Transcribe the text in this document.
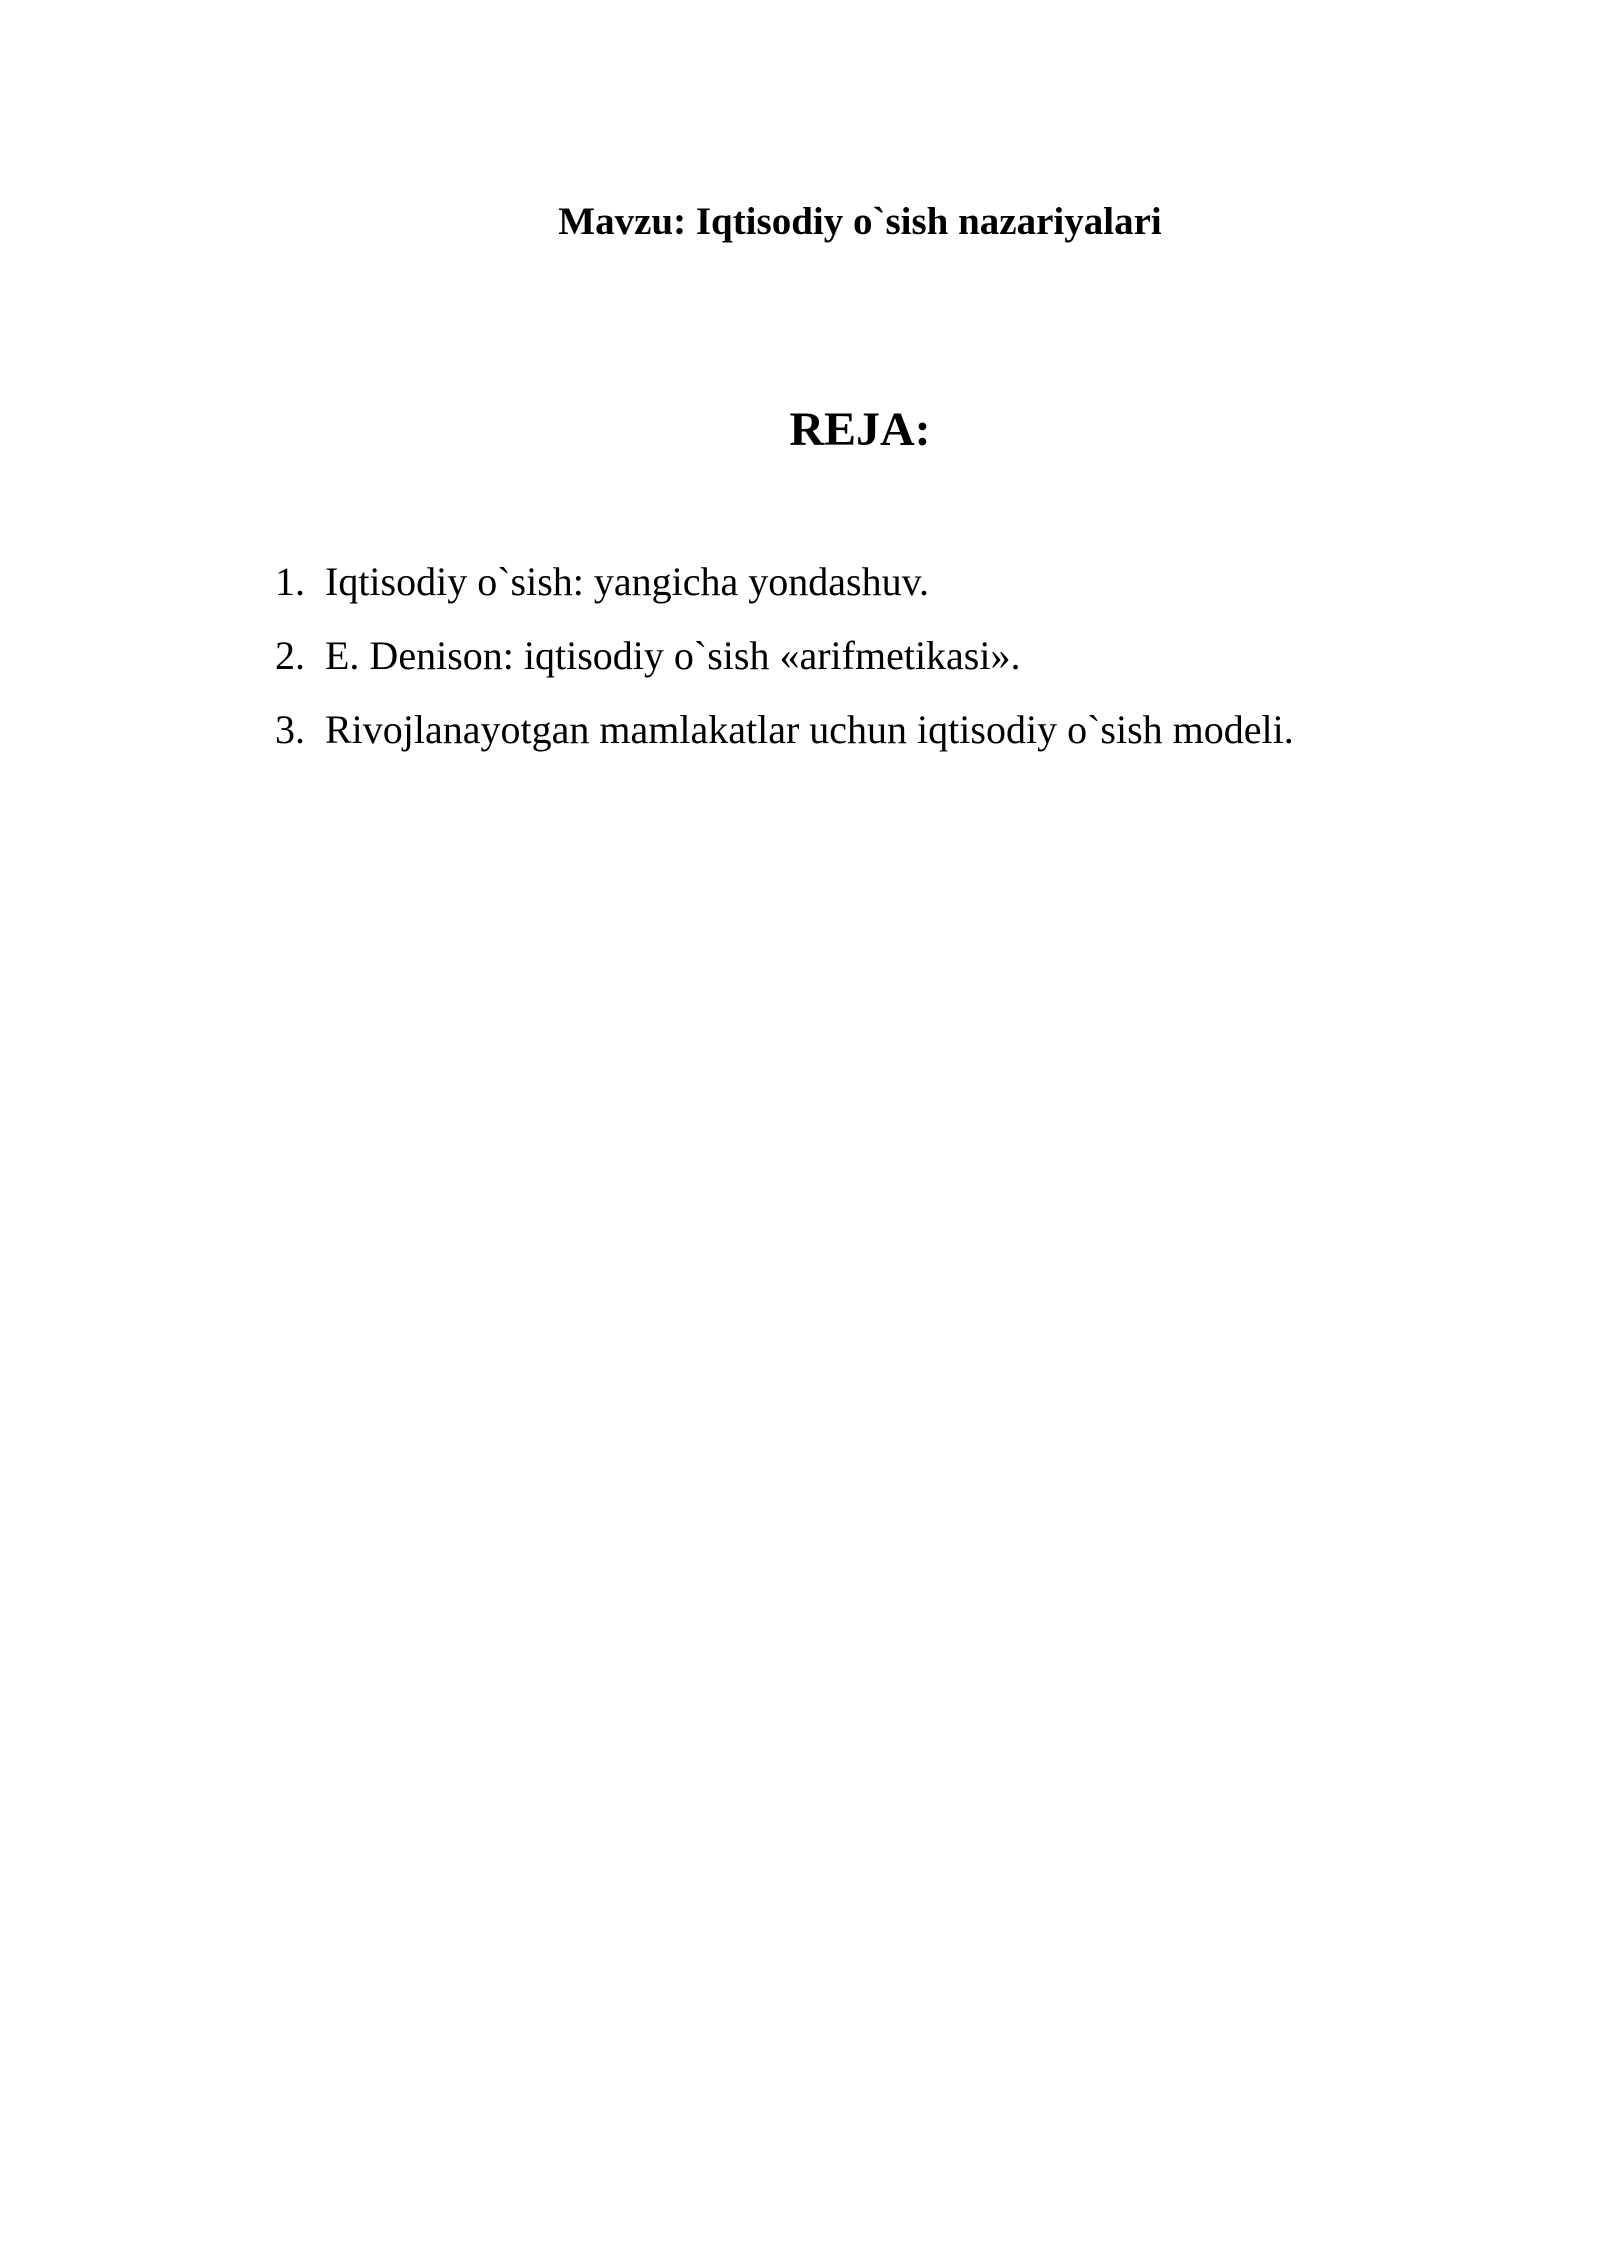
Mavzu: Iqtisodiy o`sish nazariyalari
REJA:
1. Iqtisodiy o`sish: yangicha yondashuv.
2. E. Denison: iqtisodiy o`sish «arifmetikasi».
3. Rivojlanayotgan mamlakatlar uchun iqtisodiy o`sish modeli.
